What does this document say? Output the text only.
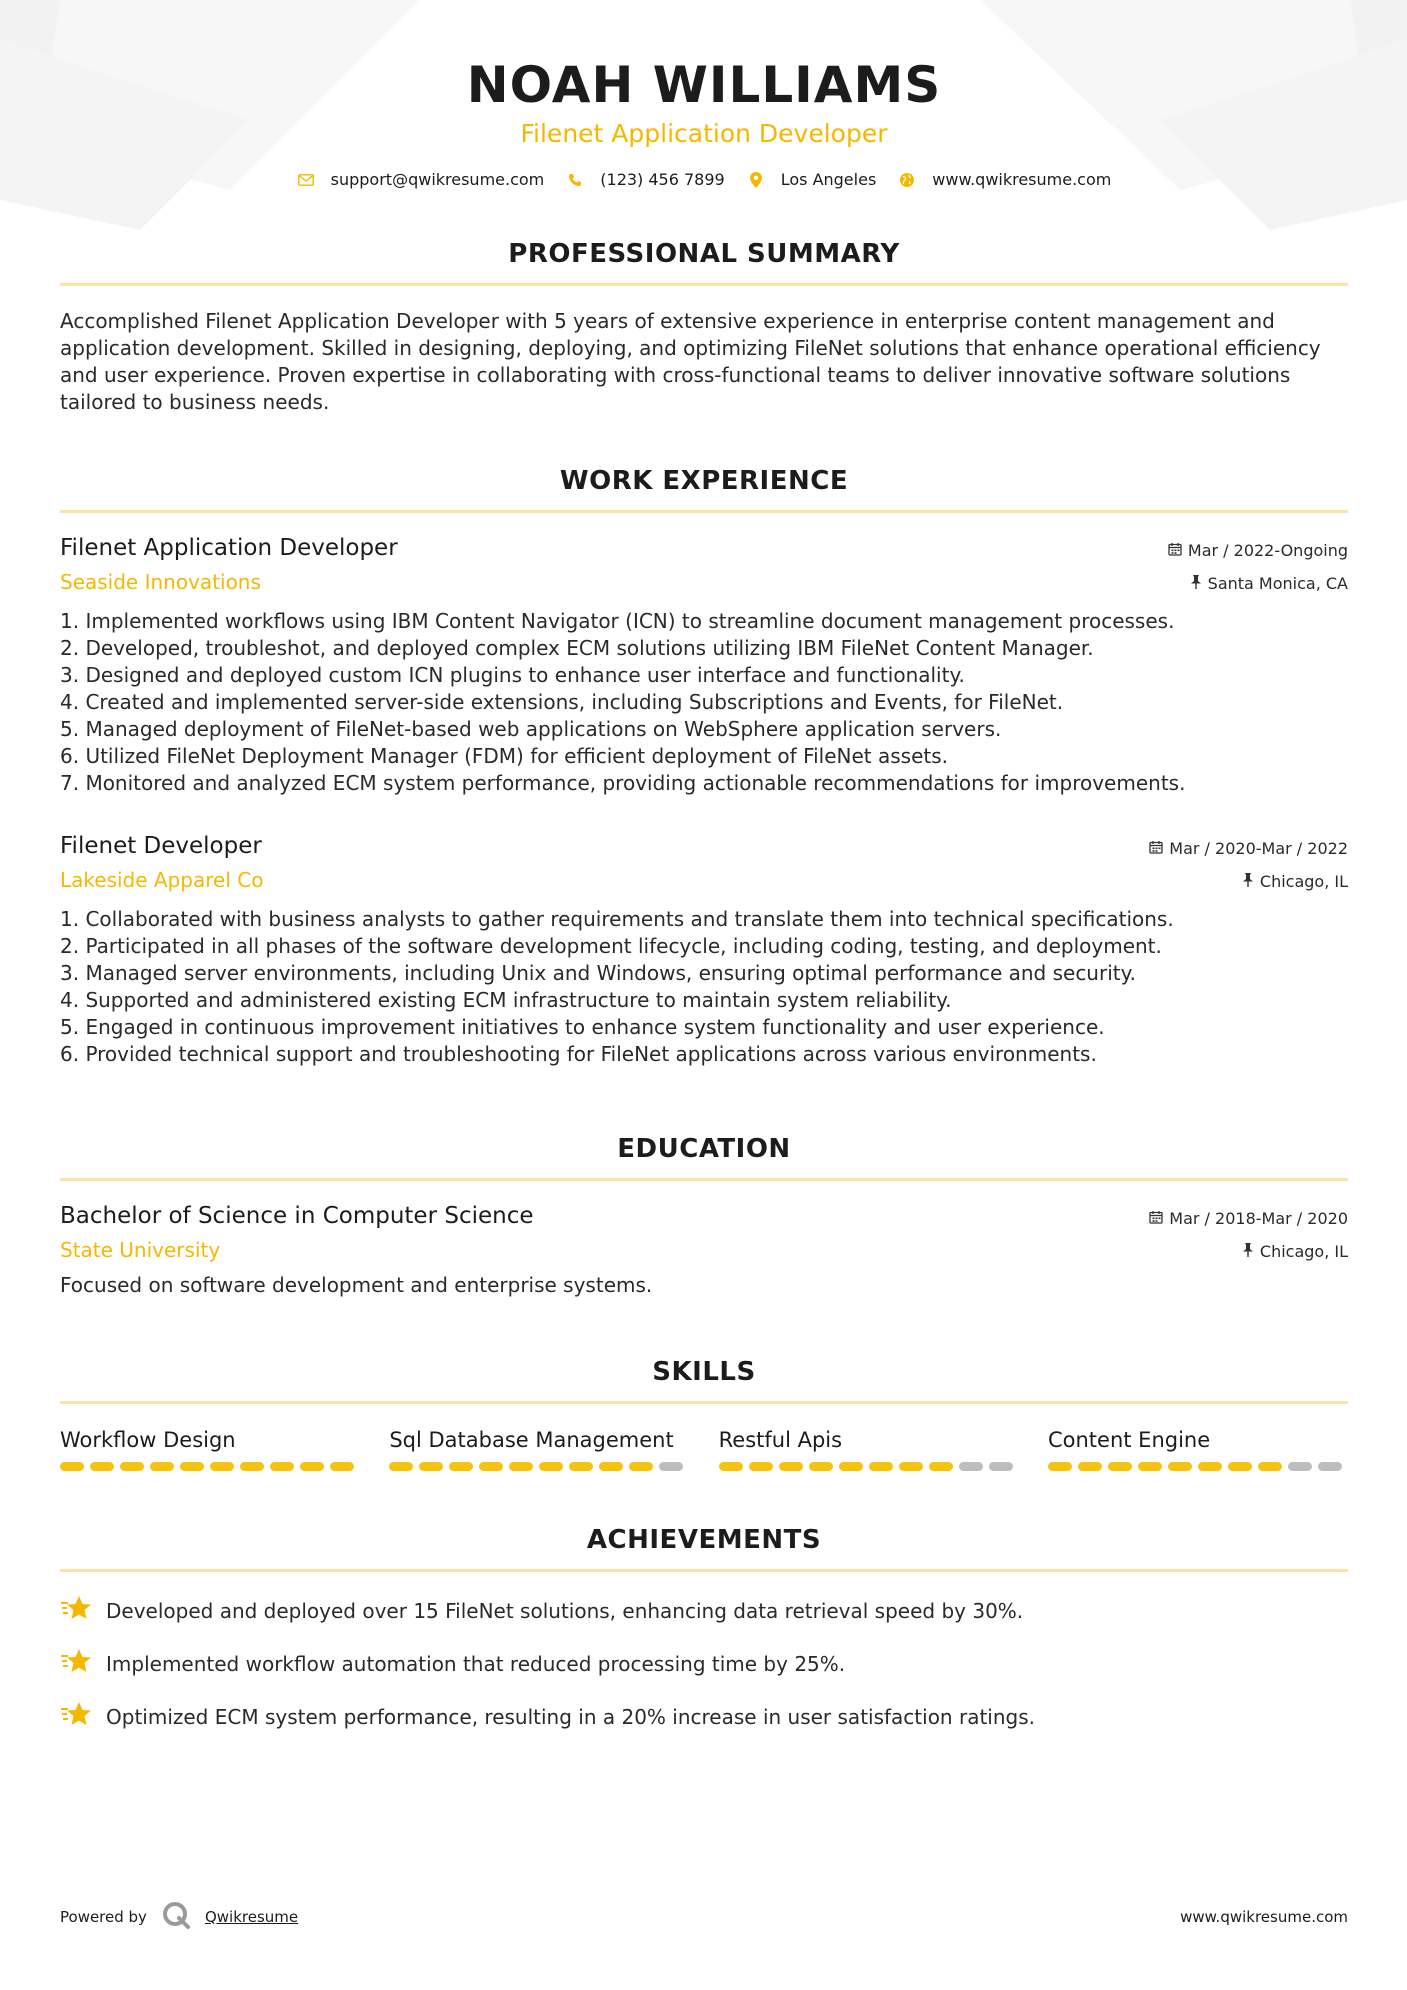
NOAH WILLIAMS
Filenet Application Developer
support@qwikresume.com	(123) 456 7899	Los Angeles	www.qwikresume.com
PROFESSIONAL SUMMARY
Accomplished Filenet Application Developer with 5 years of extensive experience in enterprise content management and application development. Skilled in designing, deploying, and optimizing FileNet solutions that enhance operational efficiency and user experience. Proven expertise in collaborating with cross-functional teams to deliver innovative software solutions tailored to business needs.
WORK EXPERIENCE
Filenet Application Developer
Seaside Innovations
Mar / 2022-Ongoing
Santa Monica, CA
1. Implemented workflows using IBM Content Navigator (ICN) to streamline document management processes.
2. Developed, troubleshot, and deployed complex ECM solutions utilizing IBM FileNet Content Manager.
3. Designed and deployed custom ICN plugins to enhance user interface and functionality.
4. Created and implemented server-side extensions, including Subscriptions and Events, for FileNet.
5. Managed deployment of FileNet-based web applications on WebSphere application servers.
6. Utilized FileNet Deployment Manager (FDM) for efficient deployment of FileNet assets.
7. Monitored and analyzed ECM system performance, providing actionable recommendations for improvements.
Filenet Developer
Lakeside Apparel Co
Mar / 2020-Mar / 2022
Chicago, IL
1. Collaborated with business analysts to gather requirements and translate them into technical specifications.
2. Participated in all phases of the software development lifecycle, including coding, testing, and deployment.
3. Managed server environments, including Unix and Windows, ensuring optimal performance and security.
4. Supported and administered existing ECM infrastructure to maintain system reliability.
5. Engaged in continuous improvement initiatives to enhance system functionality and user experience.
6. Provided technical support and troubleshooting for FileNet applications across various environments.
EDUCATION
Bachelor of Science in Computer Science
State University
Mar / 2018-Mar / 2020
Chicago, IL
Focused on software development and enterprise systems.
SKILLS
Workflow Design	Sql Database Management	Restful Apis	Content Engine
ACHIEVEMENTS
Developed and deployed over 15 FileNet solutions, enhancing data retrieval speed by 30%.
Implemented workflow automation that reduced processing time by 25%.
Optimized ECM system performance, resulting in a 20% increase in user satisfaction ratings.
Powered by	Qwikresume	www.qwikresume.com
